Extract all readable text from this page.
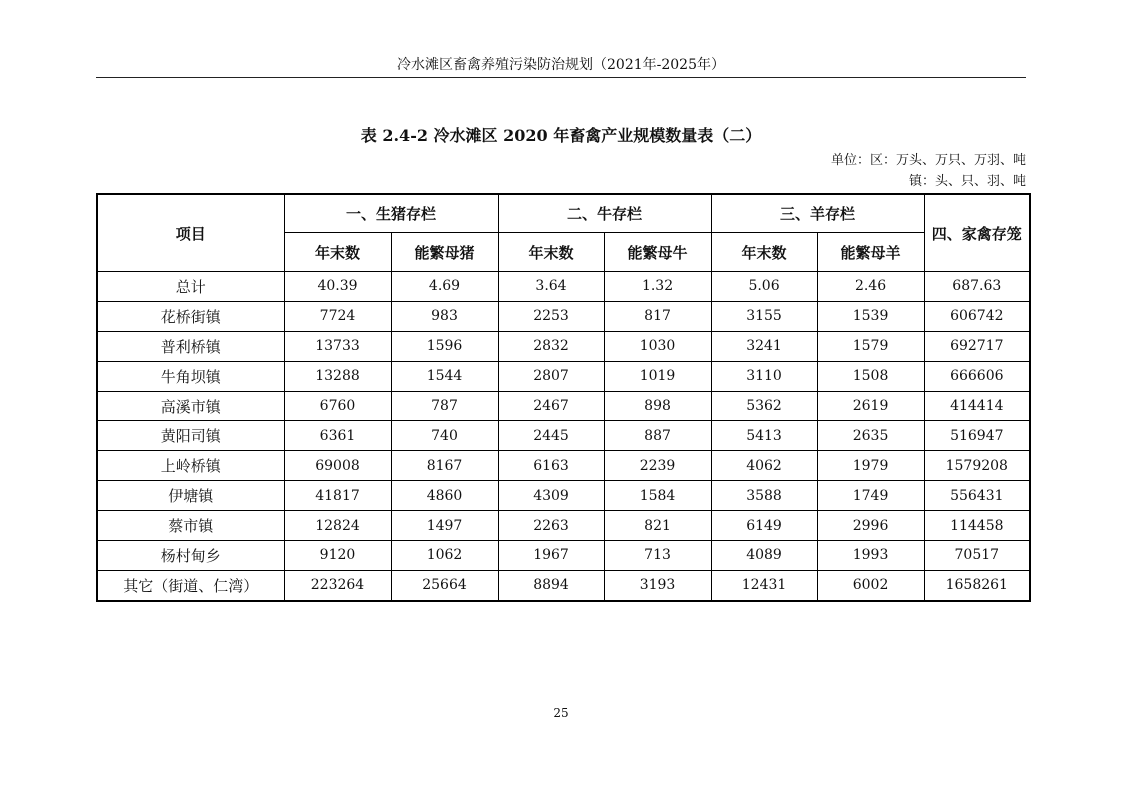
冷水滩区畜禽养殖污染防治规划（2021年-2025年）
表 2.4-2 冷水滩区 2020 年畜禽产业规模数量表（二）
单位：区：万头、万只、万羽、吨
镇：头、只、羽、吨
项目	一、生猪存栏		二、牛存栏		三、羊存栏		四、家禽存笼
	年末数	能繁母猪	年末数	能繁母牛	年末数	能繁母羊	
总计	40.39	4.69	3.64	1.32	5.06	2.46	687.63
花桥街镇	7724	983	2253	817	3155	1539	606742
普利桥镇	13733	1596	2832	1030	3241	1579	692717
牛角坝镇	13288	1544	2807	1019	3110	1508	666606
高溪市镇	6760	787	2467	898	5362	2619	414414
黄阳司镇	6361	740	2445	887	5413	2635	516947
上岭桥镇	69008	8167	6163	2239	4062	1979	1579208
伊塘镇	41817	4860	4309	1584	3588	1749	556431
蔡市镇	12824	1497	2263	821	6149	2996	114458
杨村甸乡	9120	1062	1967	713	4089	1993	70517
其它（街道、仁湾）	223264	25664	8894	3193	12431	6002	1658261
25
